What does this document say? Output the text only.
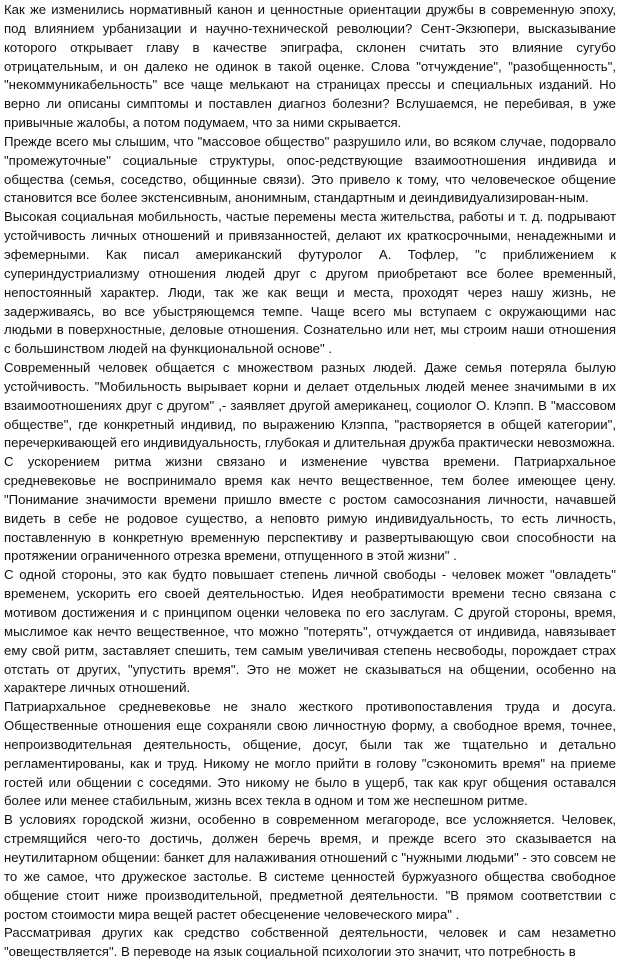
Как же изменились нормативный канон и ценностные ориентации дружбы в современную эпоху, под влиянием урбанизации и научно-технической революции? Сент-Экзюпери, высказывание которого открывает главу в качестве эпиграфа, склонен считать это влияние сугубо отрицательным, и он далеко не одинок в такой оценке. Слова "отчуждение", "разобщенность", "некоммуникабельность" все чаще мелькают на страницах прессы и специальных изданий. Но верно ли описаны симптомы и поставлен диагноз болезни? Вслушаемся, не перебивая, в уже привычные жалобы, а потом подумаем, что за ними скрывается.

Прежде всего мы слышим, что "массовое общество" разрушило или, во всяком случае, подорвало "промежуточные" социальные структуры, опос-редствующие взаимоотношения индивида и общества (семья, соседство, общинные связи). Это привело к тому, что человеческое общение становится все более экстенсивным, анонимным, стандартным и деиндивидуализирован-ным.

Высокая социальная мобильность, частые перемены места жительства, работы и т. д. подрывают устойчивость личных отношений и привязанностей, делают их краткосрочными, ненадежными и эфемерными. Как писал американский футуролог А. Тофлер, "с приближением к супериндустриализму отношения людей друг с другом приобретают все более временный, непостоянный характер. Люди, так же как вещи и места, проходят через нашу жизнь, не задерживаясь, во все убыстряющемся темпе. Чаще всего мы вступаем с окружающими нас людьми в поверхностные, деловые отношения. Сознательно или нет, мы строим наши отношения с большинством людей на функциональной основе" .

Современный человек общается с множеством разных людей. Даже семья потеряла былую устойчивость. "Мобильность вырывает корни и делает отдельных людей менее значимыми в их взаимоотношениях друг с другом" ,- заявляет другой американец, социолог О. Клэпп. В "массовом обществе", где конкретный индивид, по выражению Клэппа, "растворяется в общей категории", перечеркивающей его индивидуальность, глубокая и длительная дружба практически невозможна.

С ускорением ритма жизни связано и изменение чувства времени. Патриархальное средневековье не воспринимало время как нечто вещественное, тем более имеющее цену. "Понимание значимости времени пришло вместе с ростом самосознания личности, начавшей видеть в себе не родовое существо, а неповто римую индивидуальность, то есть личность, поставленную в конкретную временную перспективу и развертывающую свои способности на протяжении ограниченного отрезка времени, отпущенного в этой жизни" .

С одной стороны, это как будто повышает степень личной свободы - человек может "овладеть" временем, ускорить его своей деятельностью. Идея необратимости времени тесно связана с мотивом достижения и с принципом оценки человека по его заслугам. С другой стороны, время, мыслимое как нечто вещественное, что можно "потерять", отчуждается от индивида, навязывает ему свой ритм, заставляет спешить, тем самым увеличивая степень несвободы, порождает страх отстать от других, "упустить время". Это не может не сказываться на общении, особенно на характере личных отношений.

Патриархальное средневековье не знало жесткого противопоставления труда и досуга. Общественные отношения еще сохраняли свою личностную форму, а свободное время, точнее, непроизводительная деятельность, общение, досуг, были так же тщательно и детально регламентированы, как и труд. Никому не могло прийти в голову "сэкономить время" на приеме гостей или общении с соседями. Это никому не было в ущерб, так как круг общения оставался более или менее стабильным, жизнь всех текла в одном и том же неспешном ритме.

В условиях городской жизни, особенно в современном мегагороде, все усложняется. Человек, стремящийся чего-то достичь, должен беречь время, и прежде всего это сказывается на неутилитарном общении: банкет для налаживания отношений с "нужными людьми" - это совсем не то же самое, что дружеское застолье. В системе ценностей буржуазного общества свободное общение стоит ниже производительной, предметной деятельности. "В прямом соответствии с ростом стоимости мира вещей растет обесценение человеческого мира" .

Рассматривая других как средство собственной деятельности, человек и сам незаметно "овеществляется". В переводе на язык социальной психологии это значит, что потребность в
